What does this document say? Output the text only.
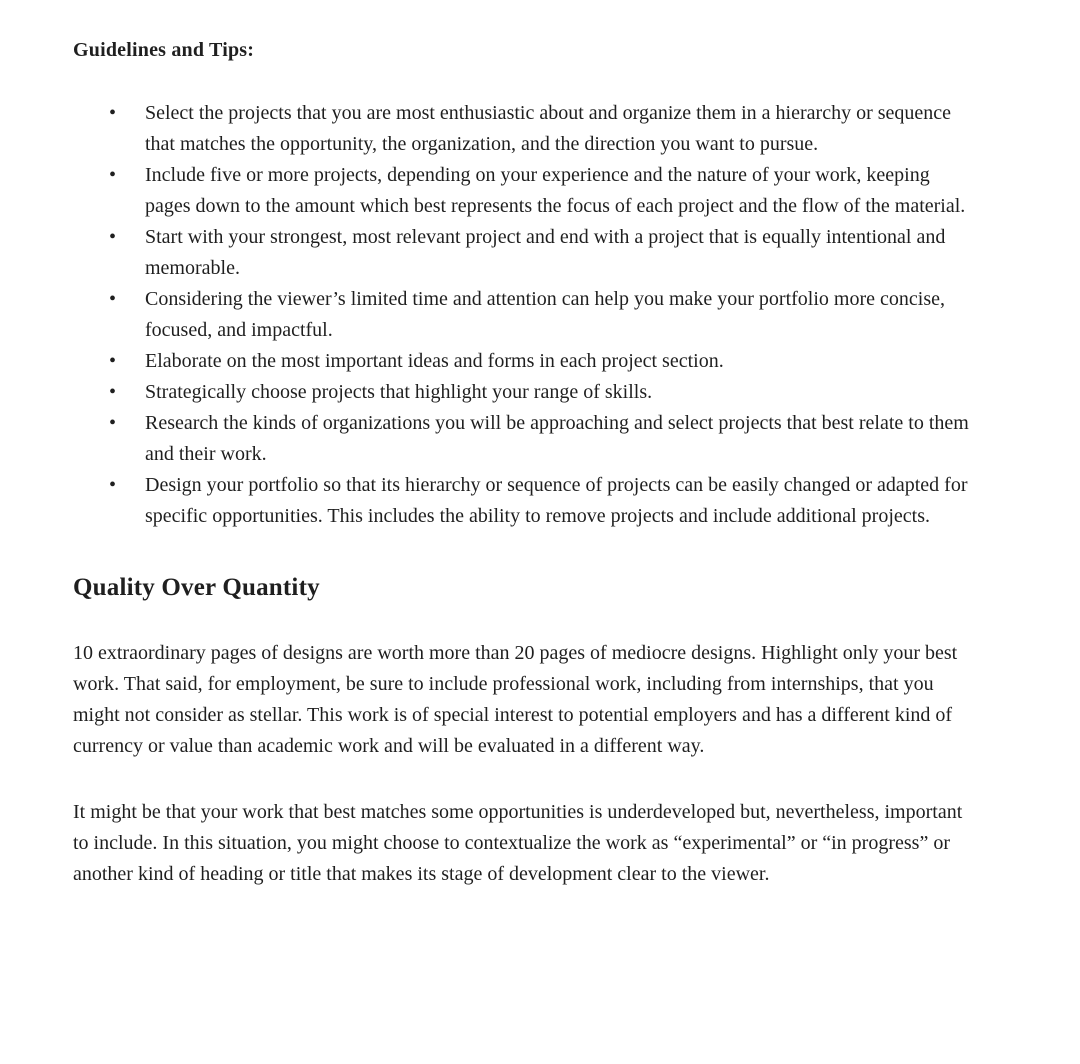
Guidelines and Tips:
• Select the projects that you are most enthusiastic about and organize them in a hierarchy or sequence that matches the opportunity, the organization, and the direction you want to pursue.
• Include five or more projects, depending on your experience and the nature of your work, keeping pages down to the amount which best represents the focus of each project and the flow of the material.
• Start with your strongest, most relevant project and end with a project that is equally intentional and memorable.
• Considering the viewer’s limited time and attention can help you make your portfolio more concise, focused, and impactful.
• Elaborate on the most important ideas and forms in each project section.
• Strategically choose projects that highlight your range of skills.
• Research the kinds of organizations you will be approaching and select projects that best relate to them and their work.
• Design your portfolio so that its hierarchy or sequence of projects can be easily changed or adapted for specific opportunities. This includes the ability to remove projects and include additional projects.
Quality Over Quantity

10 extraordinary pages of designs are worth more than 20 pages of mediocre designs. Highlight only your best work. That said, for employment, be sure to include professional work, including from internships, that you might not consider as stellar. This work is of special interest to potential employers and has a different kind of currency or value than academic work and will be evaluated in a different way.

It might be that your work that best matches some opportunities is underdeveloped but, nevertheless, important to include. In this situation, you might choose to contextualize the work as “experimental” or “in progress” or another kind of heading or title that makes its stage of development clear to the viewer.
